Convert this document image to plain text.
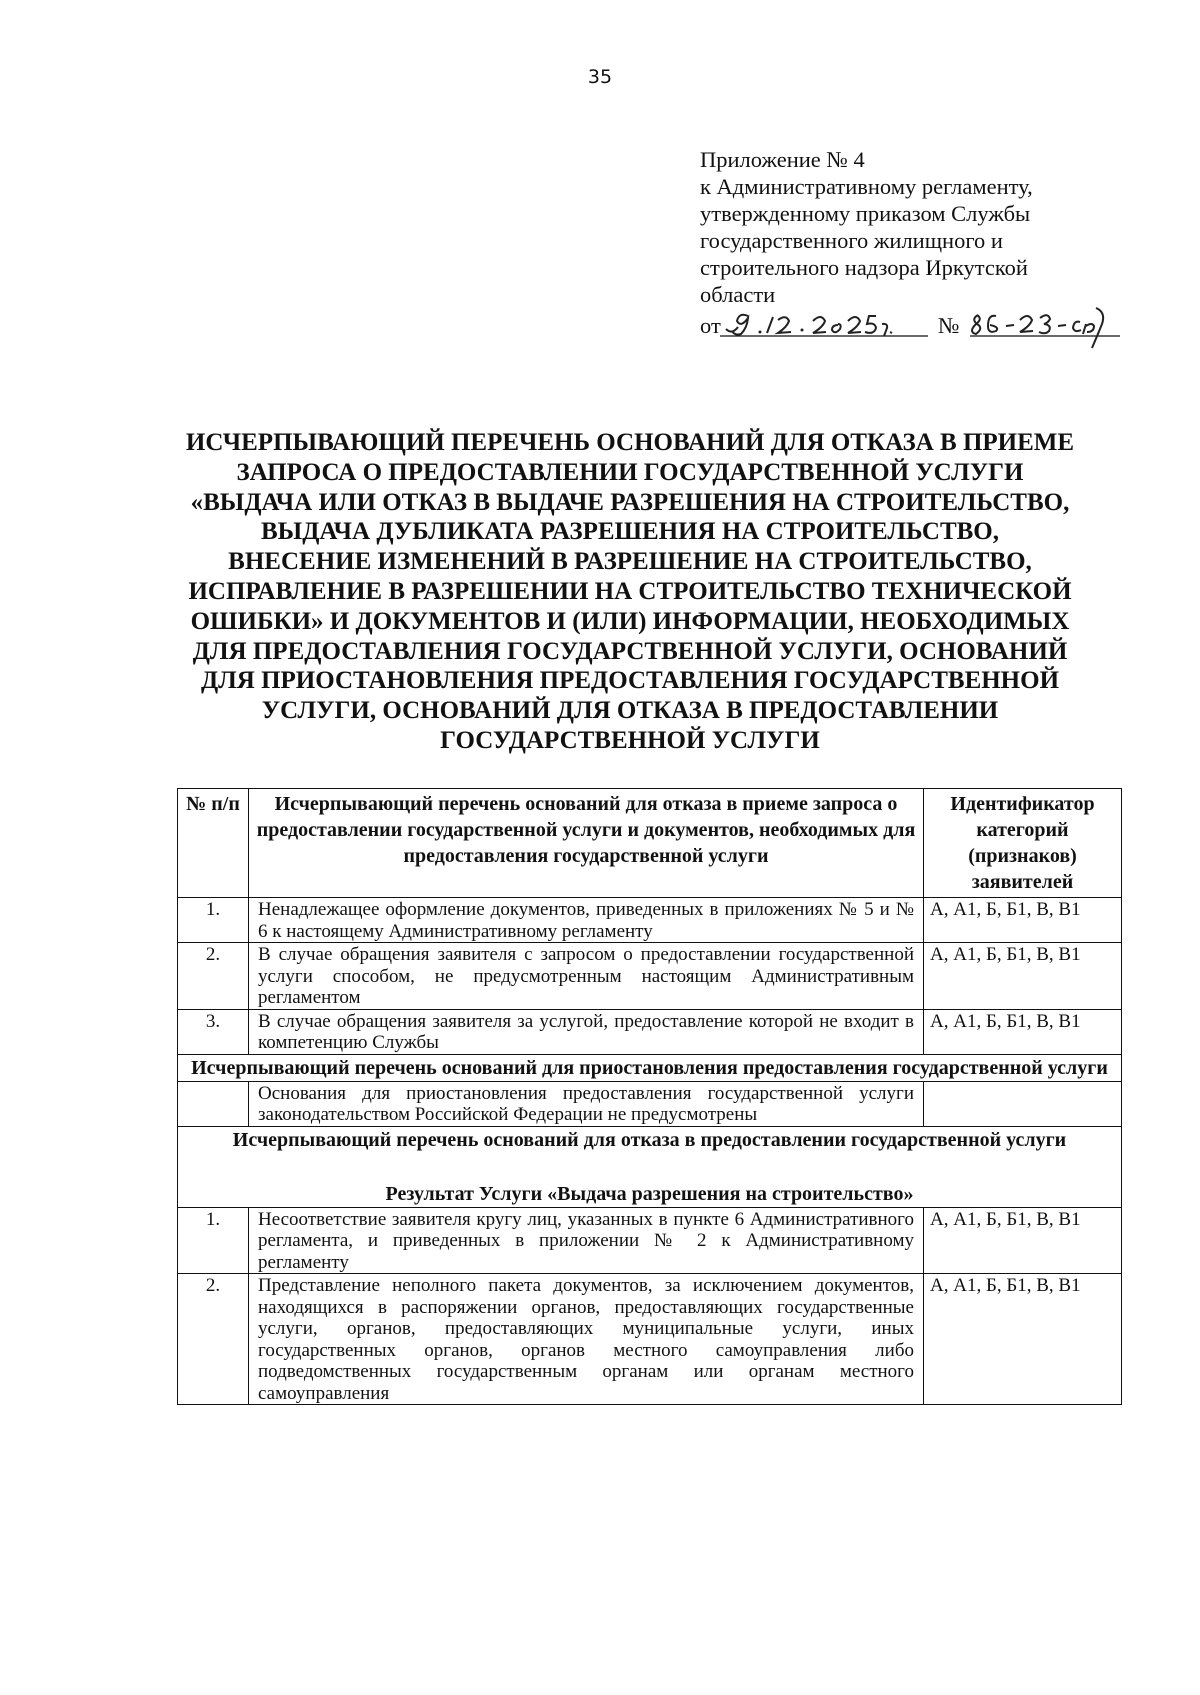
35
Приложение № 4
к Административному регламенту,
утвержденному приказом Службы
государственного жилищного и
строительного надзора Иркутской
области
от	№
ИСЧЕРПЫВАЮЩИЙ ПЕРЕЧЕНЬ ОСНОВАНИЙ ДЛЯ ОТКАЗА В ПРИЕМЕ
ЗАПРОСА О ПРЕДОСТАВЛЕНИИ ГОСУДАРСТВЕННОЙ УСЛУГИ
«ВЫДАЧА ИЛИ ОТКАЗ В ВЫДАЧЕ РАЗРЕШЕНИЯ НА СТРОИТЕЛЬСТВО,
ВЫДАЧА ДУБЛИКАТА РАЗРЕШЕНИЯ НА СТРОИТЕЛЬСТВО,
ВНЕСЕНИЕ ИЗМЕНЕНИЙ В РАЗРЕШЕНИЕ НА СТРОИТЕЛЬСТВО,
ИСПРАВЛЕНИЕ В РАЗРЕШЕНИИ НА СТРОИТЕЛЬСТВО ТЕХНИЧЕСКОЙ
ОШИБКИ» И ДОКУМЕНТОВ И (ИЛИ) ИНФОРМАЦИИ, НЕОБХОДИМЫХ
ДЛЯ ПРЕДОСТАВЛЕНИЯ ГОСУДАРСТВЕННОЙ УСЛУГИ, ОСНОВАНИЙ
ДЛЯ ПРИОСТАНОВЛЕНИЯ ПРЕДОСТАВЛЕНИЯ ГОСУДАРСТВЕННОЙ
УСЛУГИ, ОСНОВАНИЙ ДЛЯ ОТКАЗА В ПРЕДОСТАВЛЕНИИ
ГОСУДАРСТВЕННОЙ УСЛУГИ
№ п/п	Исчерпывающий перечень оснований для отказа в приеме запроса о предоставлении государственной услуги и документов, необходимых для предоставления государственной услуги	Идентификатор категорий (признаков) заявителей
1.	Ненадлежащее оформление документов, приведенных в приложениях № 5 и № 6 к настоящему Административному регламенту	А, А1, Б, Б1, В, В1
2.	В случае обращения заявителя с запросом о предоставлении государственной услуги способом, не предусмотренным настоящим Административным регламентом	А, А1, Б, Б1, В, В1
3.	В случае обращения заявителя за услугой, предоставление которой не входит в компетенцию Службы	А, А1, Б, Б1, В, В1
Исчерпывающий перечень оснований для приостановления предоставления государственной услуги		
	Основания для приостановления предоставления государственной услуги законодательством Российской Федерации не предусмотрены	

Исчерпывающий перечень оснований для отказа в предоставлении государственной услуги
Результат Услуги «Выдача разрешения на строительство»		

1.	Несоответствие заявителя кругу лиц, указанных в пункте 6 Административного регламента, и приведенных в приложении № 2 к Административному регламенту	А, А1, Б, Б1, В, В1
2.	Представление неполного пакета документов, за исключением документов, находящихся в распоряжении органов, предоставляющих государственные услуги, органов, предоставляющих муниципальные услуги, иных государственных органов, органов местного самоуправления либо подведомственных государственным органам или органам местного самоуправления	А, А1, Б, Б1, В, В1
